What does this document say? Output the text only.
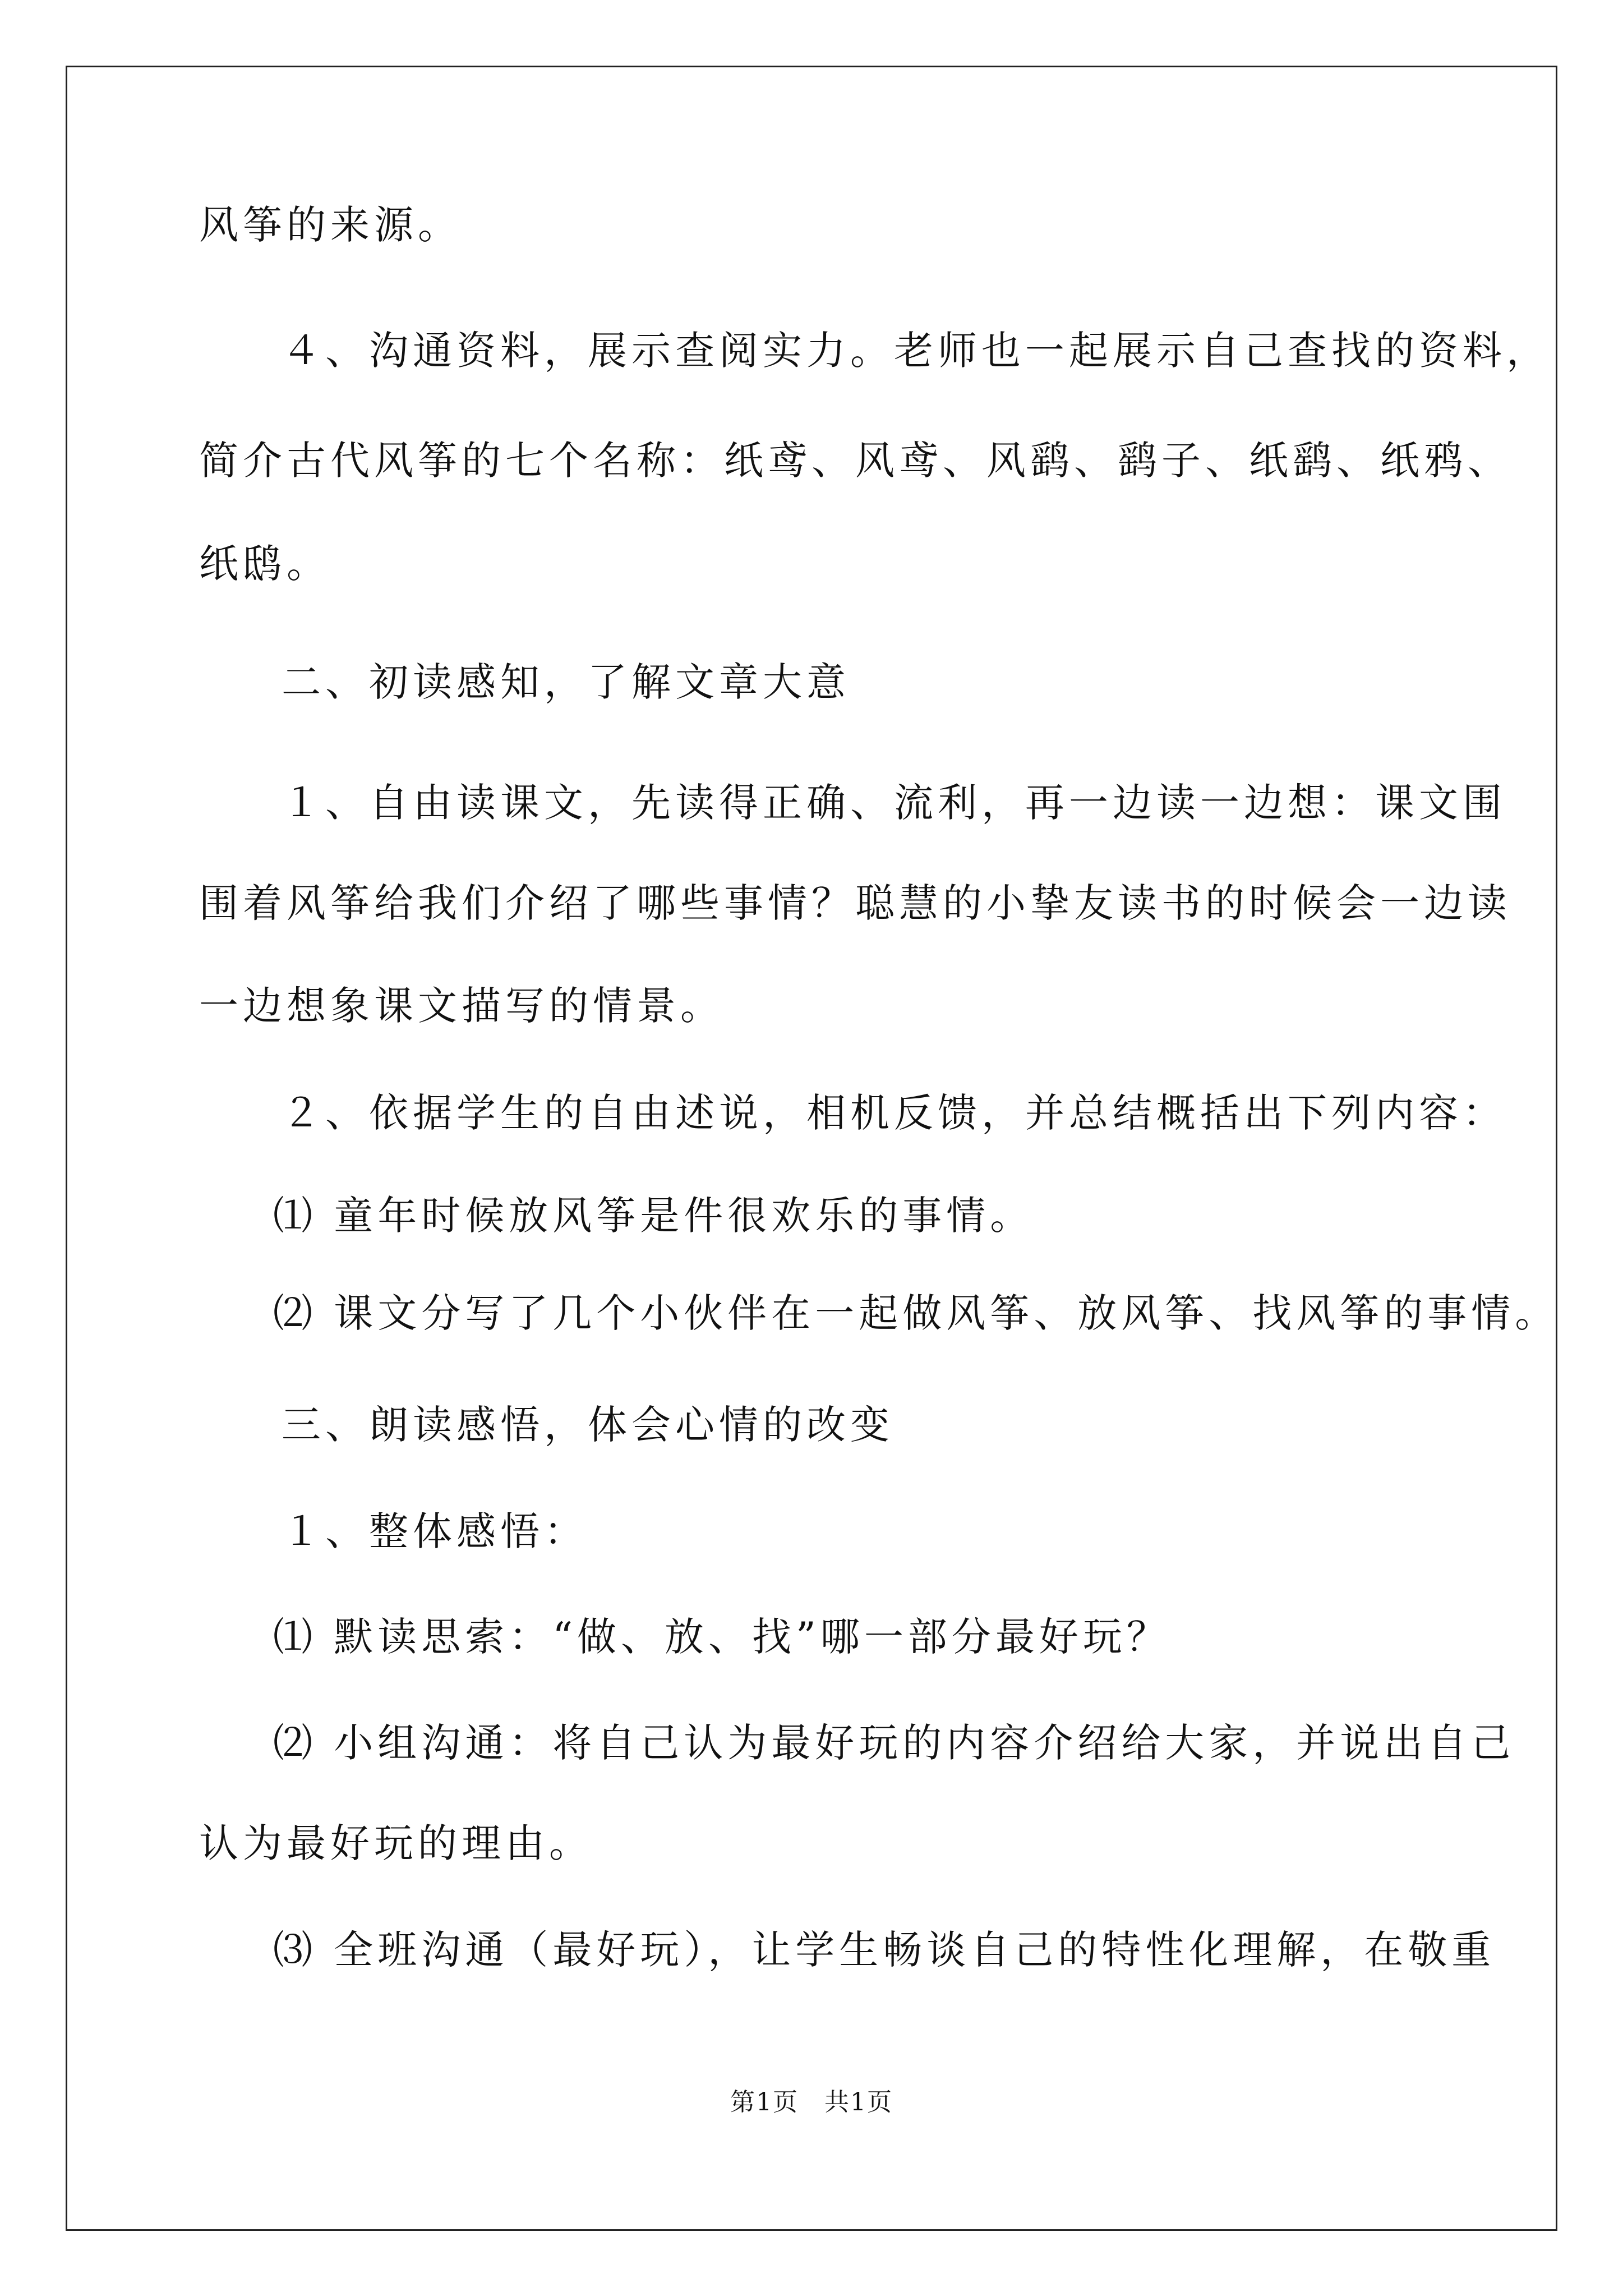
风筝的来源。
４、沟通资料，展示查阅实力。老师也一起展示自己查找的资料，
简介古代风筝的七个名称：纸鸢、风鸢、风鹞、鹞子、纸鹞、纸鸦、
纸鸱。
二、初读感知，了解文章大意
１、自由读课文，先读得正确、流利，再一边读一边想：课文围
围着风筝给我们介绍了哪些事情？聪慧的小挚友读书的时候会一边读
一边想象课文描写的情景。
２、依据学生的自由述说，相机反馈，并总结概括出下列内容：
⑴ 童年时候放风筝是件很欢乐的事情。
⑵ 课文分写了几个小伙伴在一起做风筝、放风筝、找风筝的事情。
三、朗读感悟，体会心情的改变
１、整体感悟：
⑴ 默读思索：“做、放、找”哪一部分最好玩？
⑵ 小组沟通：将自己认为最好玩的内容介绍给大家，并说出自己
认为最好玩的理由。
⑶ 全班沟通（最好玩），让学生畅谈自己的特性化理解，在敬重
第1页　共1页
